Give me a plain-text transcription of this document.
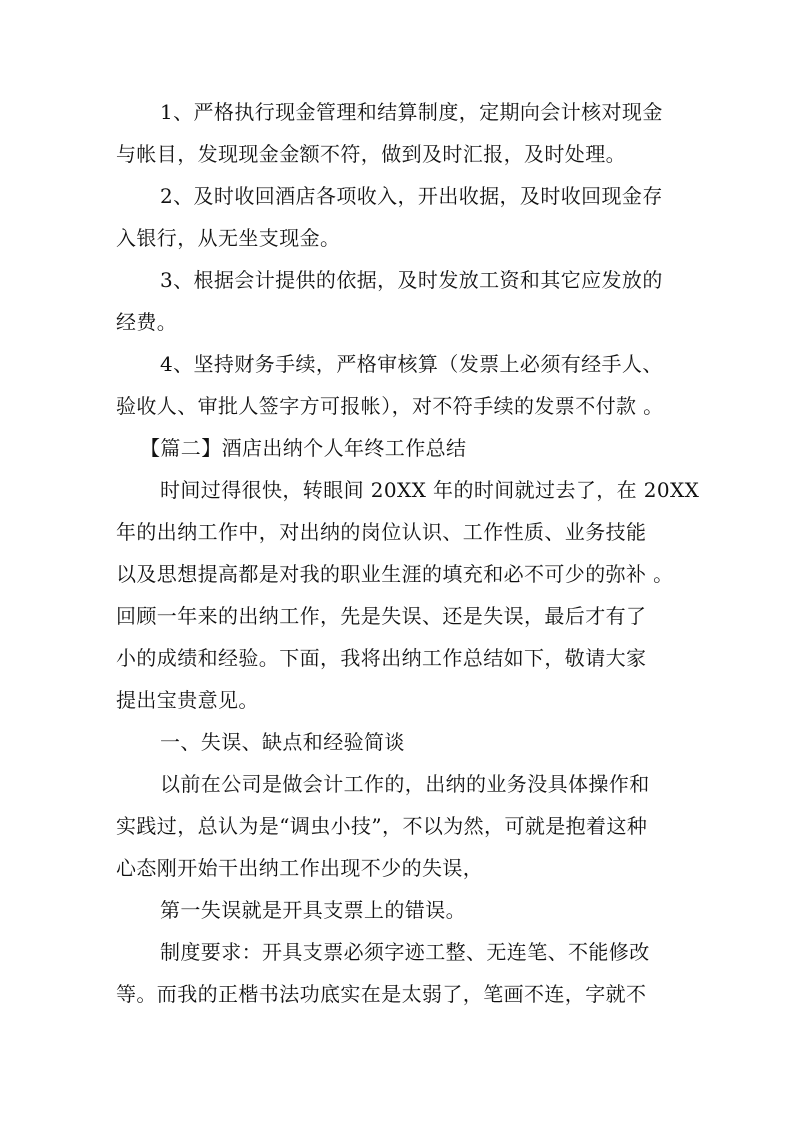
1、严格执行现金管理和结算制度，定期向会计核对现金
与帐目，发现现金金额不符，做到及时汇报，及时处理。
2、及时收回酒店各项收入，开出收据，及时收回现金存
入银行，从无坐支现金。
3、根据会计提供的依据，及时发放工资和其它应发放的
经费。
4、坚持财务手续，严格审核算（发票上必须有经手人、
验收人、审批人签字方可报帐），对不符手续的发票不付款 。
【篇二】酒店出纳个人年终工作总结
时间过得很快，转眼间 20XX 年的时间就过去了，在 20XX
年的出纳工作中，对出纳的岗位认识、工作性质、业务技能
以及思想提高都是对我的职业生涯的填充和必不可少的弥补 。
回顾一年来的出纳工作，先是失误、还是失误，最后才有了
小的成绩和经验。下面，我将出纳工作总结如下，敬请大家
提出宝贵意见。
一、失误、缺点和经验简谈
以前在公司是做会计工作的，出纳的业务没具体操作和
实践过，总认为是“调虫小技”，不以为然，可就是抱着这种
心态刚开始干出纳工作出现不少的失误，
第一失误就是开具支票上的错误。
制度要求：开具支票必须字迹工整、无连笔、不能修改
等。而我的正楷书法功底实在是太弱了，笔画不连，字就不
